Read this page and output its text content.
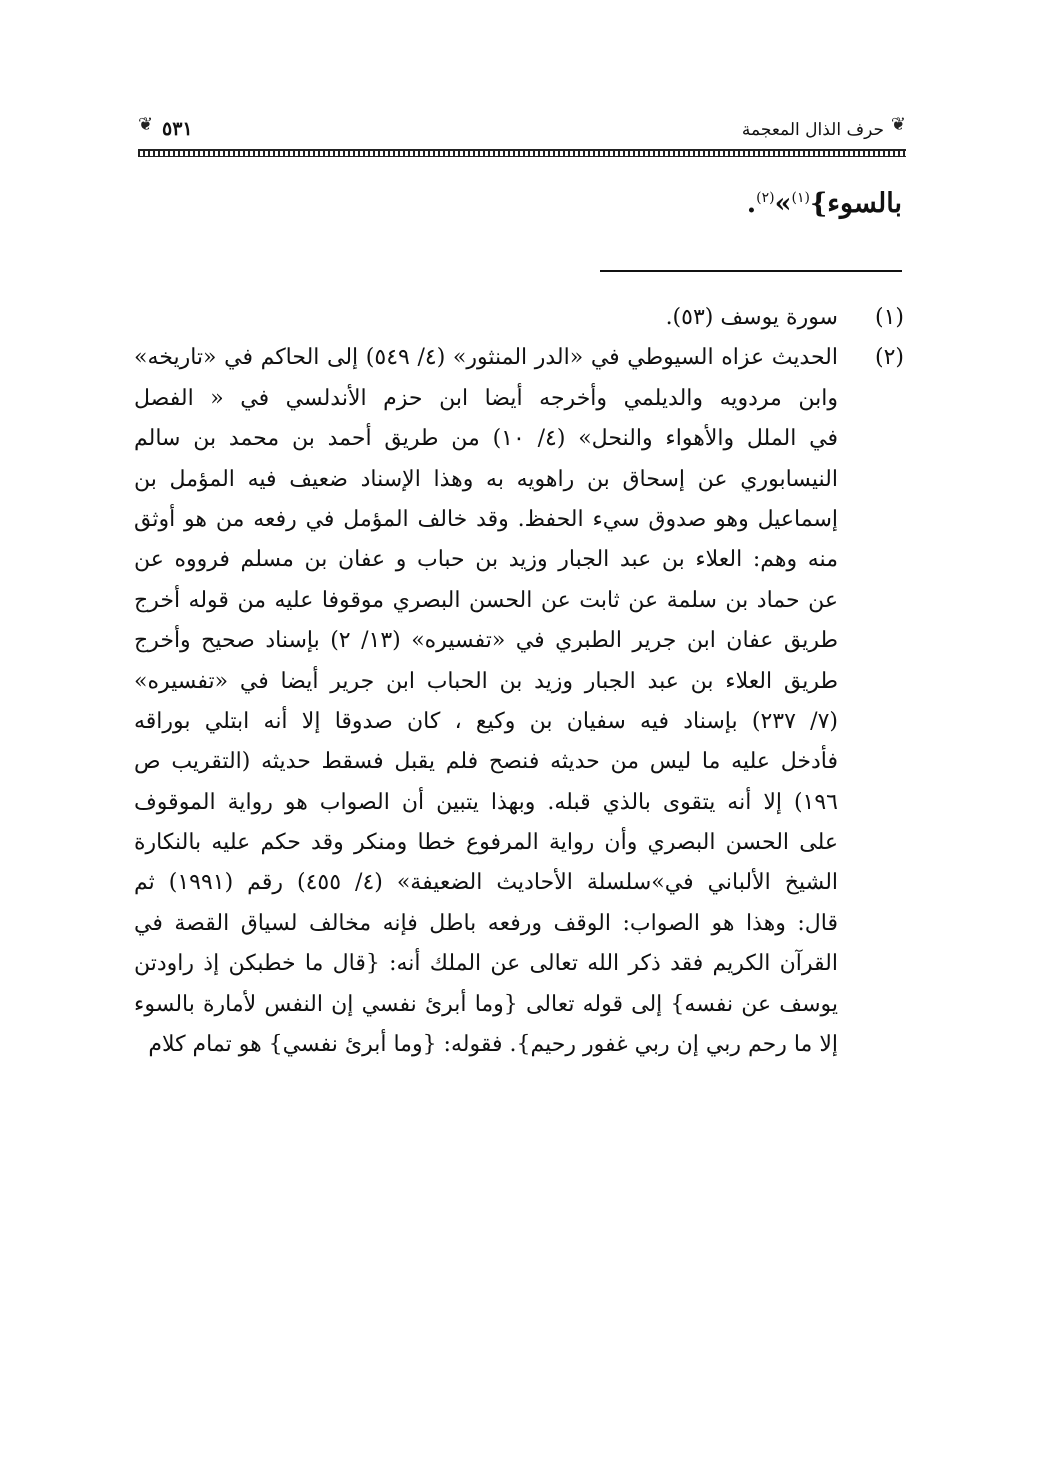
❦
حرف الذال المعجمة
٥٣١
❦
بالسوء}$^{(١)}$»$^{(٢)}$.
(١)
سورة يوسف (٥٣).
(٢)
الحديث عزاه السيوطي في «الدر المنثور» (٤/ ٥٤٩) إلى الحاكم في «تاريخه»
وابن مردويه والديلمي وأخرجه أيضا ابن حزم الأندلسي في « الفصل
في الملل والأهواء والنحل» (٤/ ١٠) من طريق أحمد بن محمد بن سالم
النيسابوري عن إسحاق بن راهويه به وهذا الإسناد ضعيف فيه المؤمل بن
إسماعيل وهو صدوق سيء الحفظ. وقد خالف المؤمل في رفعه من هو أوثق
منه وهم: العلاء بن عبد الجبار وزيد بن حباب و عفان بن مسلم فرووه عن
عن حماد بن سلمة عن ثابت عن الحسن البصري موقوفا عليه من قوله أخرج
طريق عفان ابن جرير الطبري في «تفسيره» (١٣/ ٢) بإسناد صحيح وأخرج
طريق العلاء بن عبد الجبار وزيد بن الحباب ابن جرير أيضا في «تفسيره»
(٧/ ٢٣٧) بإسناد فيه سفيان بن وكيع ، كان صدوقا إلا أنه ابتلي بوراقه
فأدخل عليه ما ليس من حديثه فنصح فلم يقبل فسقط حديثه (التقريب ص
١٩٦) إلا أنه يتقوى بالذي قبله. وبهذا يتبين أن الصواب هو رواية الموقوف
على الحسن البصري وأن رواية المرفوع خطا ومنكر وقد حكم عليه بالنكارة
الشيخ الألباني في»سلسلة الأحاديث الضعيفة» (٤/ ٤٥٥) رقم (١٩٩١) ثم
قال: وهذا هو الصواب: الوقف ورفعه باطل فإنه مخالف لسياق القصة في
القرآن الكريم فقد ذكر الله تعالى عن الملك أنه: {قال ما خطبكن إذ راودتن
يوسف عن نفسه} إلى قوله تعالى {وما أبرئ نفسي إن النفس لأمارة بالسوء
إلا ما رحم ربي إن ربي غفور رحيم}. فقوله: {وما أبرئ نفسي} هو تمام كلام
